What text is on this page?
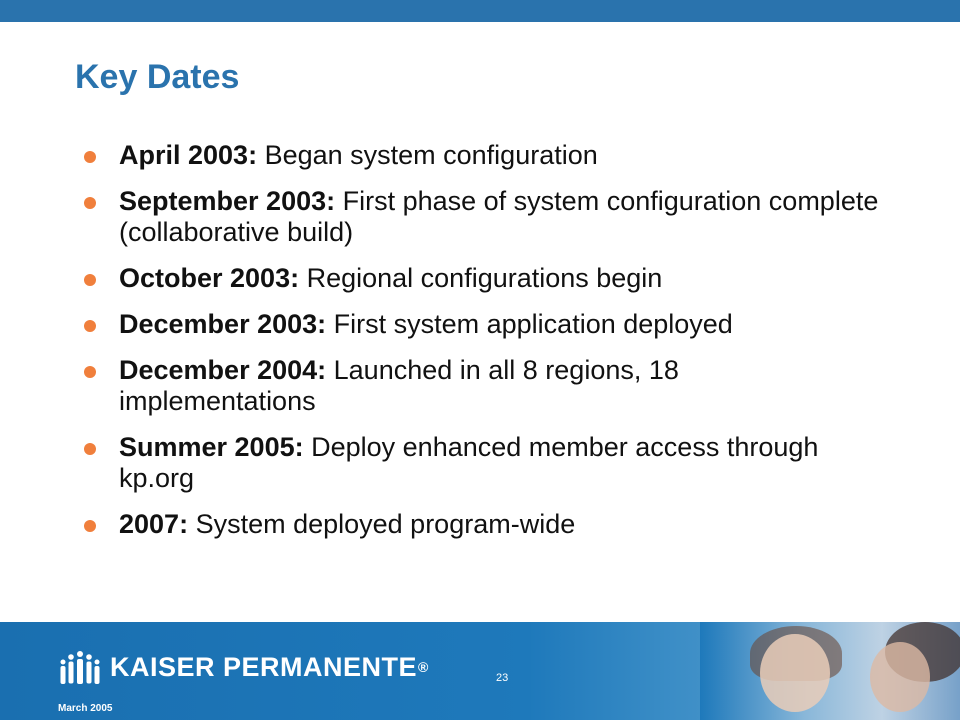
Key Dates
April 2003: Began system configuration
September 2003: First phase of system configuration complete (collaborative build)
October 2003: Regional configurations begin
December 2003: First system application deployed
December 2004: Launched in all 8 regions, 18 implementations
Summer 2005: Deploy enhanced member access through kp.org
2007: System deployed program-wide
KAISER PERMANENTE ®
23
March 2005
